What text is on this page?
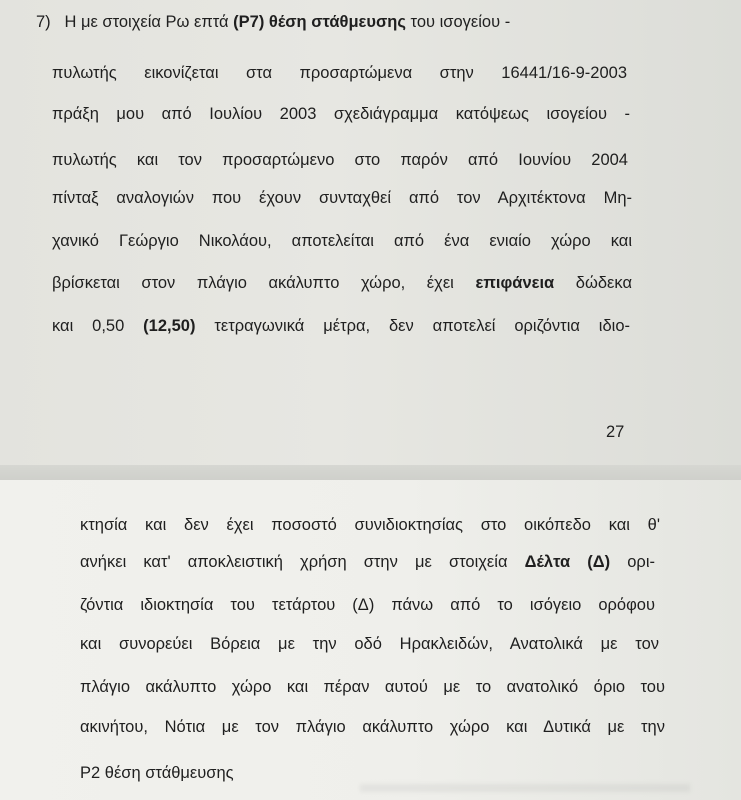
7) Η με στοιχεία Ρω επτά (Ρ7) θέση στάθμευσης του ισογείου -
πυλωτής εικονίζεται στα προσαρτώμενα στην 16441/16-9-2003
πράξη μου από Ιουλίου 2003 σχεδιάγραμμα κατόψεως ισογείου -
πυλωτής και τον προσαρτώμενο στο παρόν από Ιουνίου 2004
πίνταξ αναλογιών που έχουν συνταχθεί από τον Αρχιτέκτονα Μη-
χανικό Γεώργιο Νικολάου, αποτελείται από ένα ενιαίο χώρο και
βρίσκεται στον πλάγιο ακάλυπτο χώρο, έχει επιφάνεια δώδεκα
και 0,50 (12,50) τετραγωνικά μέτρα, δεν αποτελεί οριζόντια ιδιο-
27
κτησία και δεν έχει ποσοστό συνιδιοκτησίας στο οικόπεδο και θ'
ανήκει κατ' αποκλειστική χρήση στην με στοιχεία Δέλτα (Δ) ορι-
ζόντια ιδιοκτησία του τετάρτου (Δ) πάνω από το ισόγειο ορόφου
και συνορεύει Βόρεια με την οδό Ηρακλειδών, Ανατολικά με τον
πλάγιο ακάλυπτο χώρο και πέραν αυτού με το ανατολικό όριο του
ακινήτου, Νότια με τον πλάγιο ακάλυπτο χώρο και Δυτικά με την
Ρ2 θέση στάθμευσης
